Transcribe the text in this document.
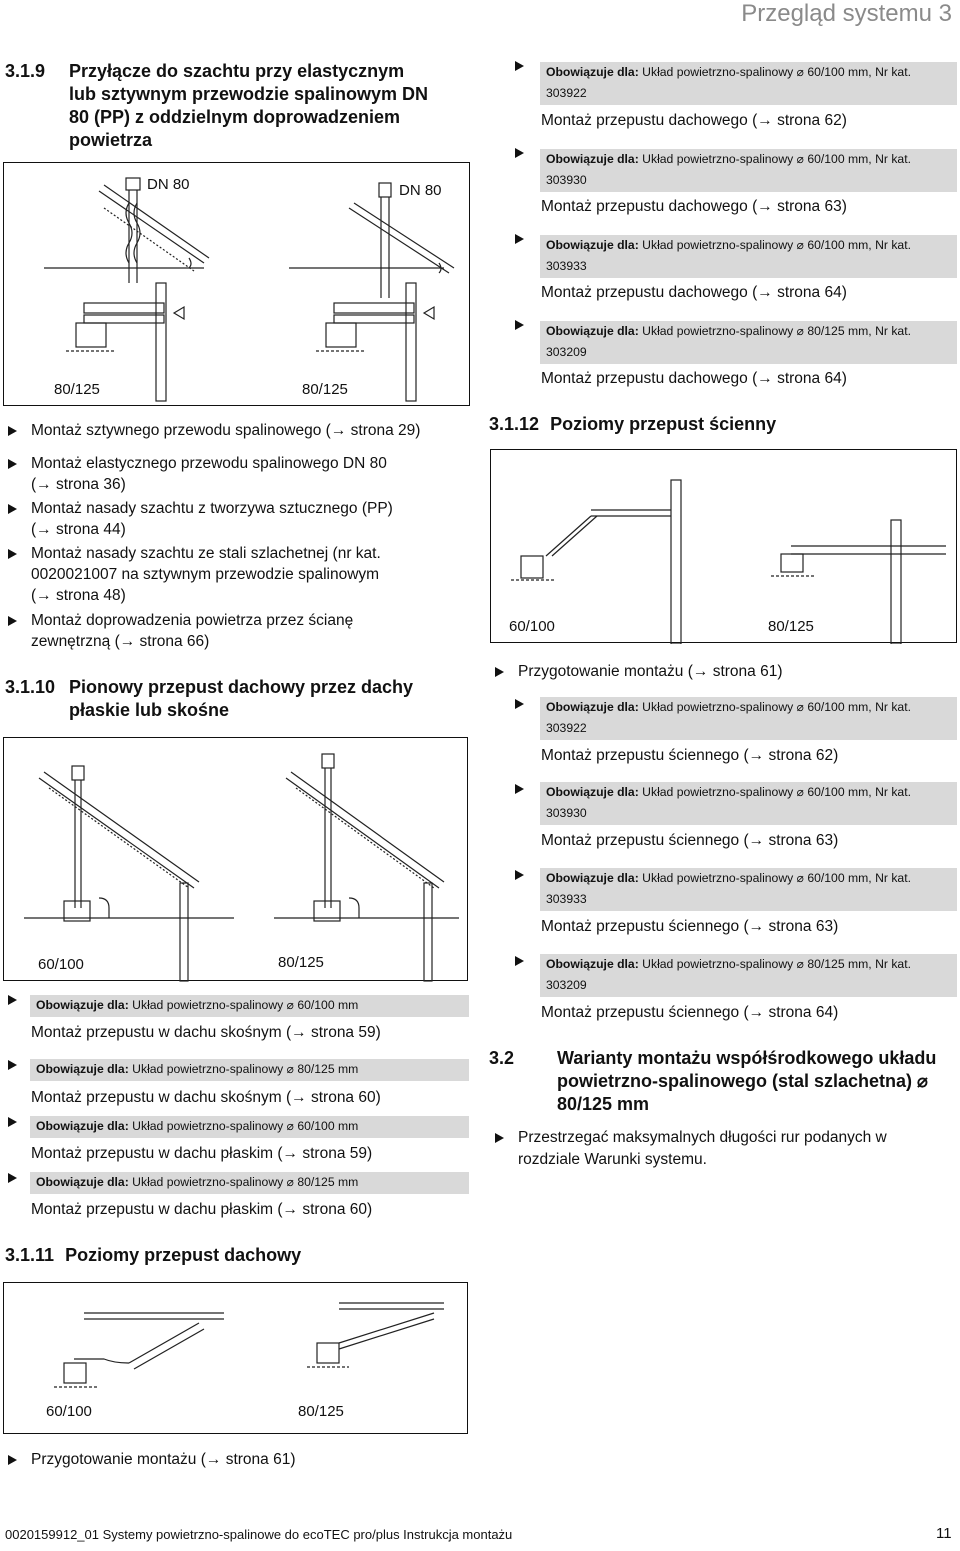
Przegląd systemu 3
3.1.9 Przyłącze do szachtu przy elastycznym
lub sztywnym przewodzie spalinowym DN
80 (PP) z oddzielnym doprowadzeniem
powietrza
DN 80	DN 80
80/125	80/125
Montaż sztywnego przewodu spalinowego (→ strona 29)
Montaż elastycznego przewodu spalinowego DN 80
(→ strona 36)
Montaż nasady szachtu z tworzywa sztucznego (PP)
(→ strona 44)
Montaż nasady szachtu ze stali szlachetnej (nr kat.
0020021007 na sztywnym przewodzie spalinowym
(→ strona 48)
Montaż doprowadzenia powietrza przez ścianę
zewnętrzną (→ strona 66)
3.1.10 Pionowy przepust dachowy przez dachy
płaskie lub skośne
60/100	80/125
Obowiązuje dla: Układ powietrzno-spalinowy ⌀ 60/100 mm
Montaż przepustu w dachu skośnym (→ strona 59)
Obowiązuje dla: Układ powietrzno-spalinowy ⌀ 80/125 mm
Montaż przepustu w dachu skośnym (→ strona 60)
Obowiązuje dla: Układ powietrzno-spalinowy ⌀ 60/100 mm
Montaż przepustu w dachu płaskim (→ strona 59)
Obowiązuje dla: Układ powietrzno-spalinowy ⌀ 80/125 mm
Montaż przepustu w dachu płaskim (→ strona 60)
3.1.11 Poziomy przepust dachowy
60/100	80/125
Przygotowanie montażu (→ strona 61)
Obowiązuje dla: Układ powietrzno-spalinowy ⌀ 60/100 mm, Nr kat.
303922
Montaż przepustu dachowego (→ strona 62)
Obowiązuje dla: Układ powietrzno-spalinowy ⌀ 60/100 mm, Nr kat.
303930
Montaż przepustu dachowego (→ strona 63)
Obowiązuje dla: Układ powietrzno-spalinowy ⌀ 60/100 mm, Nr kat.
303933
Montaż przepustu dachowego (→ strona 64)
Obowiązuje dla: Układ powietrzno-spalinowy ⌀ 80/125 mm, Nr kat.
303209
Montaż przepustu dachowego (→ strona 64)
3.1.12 Poziomy przepust ścienny
60/100	80/125
Przygotowanie montażu (→ strona 61)
Obowiązuje dla: Układ powietrzno-spalinowy ⌀ 60/100 mm, Nr kat.
303922
Montaż przepustu ściennego (→ strona 62)
Obowiązuje dla: Układ powietrzno-spalinowy ⌀ 60/100 mm, Nr kat.
303930
Montaż przepustu ściennego (→ strona 63)
Obowiązuje dla: Układ powietrzno-spalinowy ⌀ 60/100 mm, Nr kat.
303933
Montaż przepustu ściennego (→ strona 63)
Obowiązuje dla: Układ powietrzno-spalinowy ⌀ 80/125 mm, Nr kat.
303209
Montaż przepustu ściennego (→ strona 64)
3.2 Warianty montażu współśrodkowego układu
powietrzno-spalinowego (stal szlachetna) ⌀
80/125 mm
Przestrzegać maksymalnych długości rur podanych w
rozdziale Warunki systemu.
0020159912_01 Systemy powietrzno-spalinowe do ecoTEC pro/plus Instrukcja montażu	11
